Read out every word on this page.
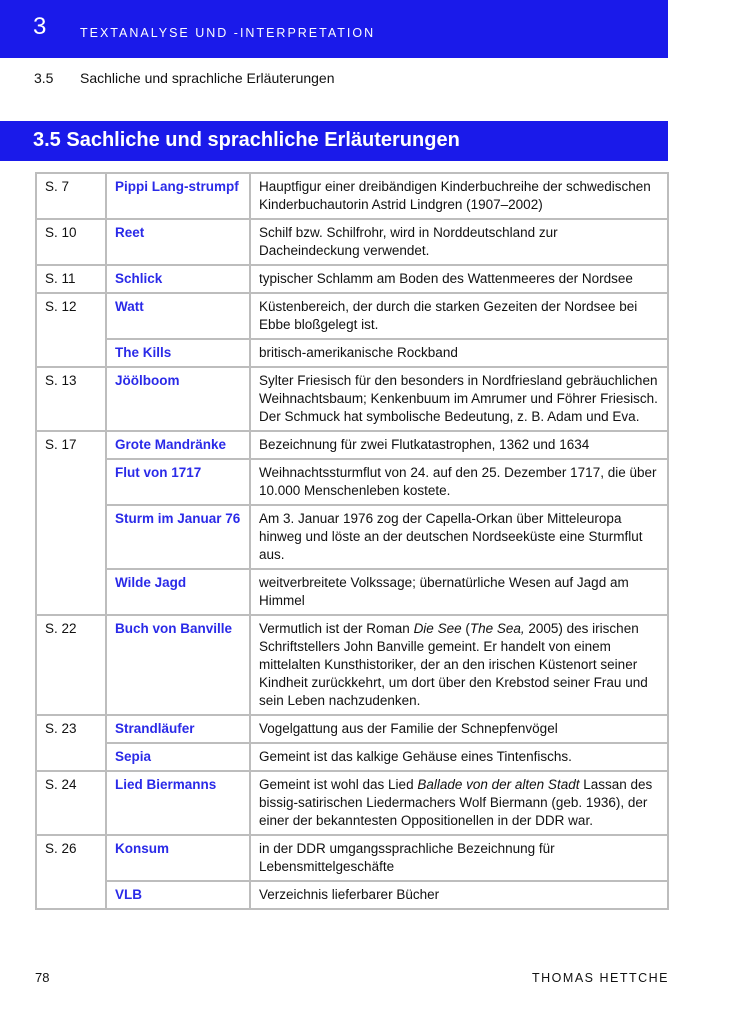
3	TEXTANALYSE UND -INTERPRETATION
3.5 Sachliche und sprachliche Erläuterungen
3.5 Sachliche und sprachliche Erläuterungen
S. 7	Pippi Lang-strumpf	Hauptfigur einer dreibändigen Kinderbuchreihe der schwedischen Kinderbuchautorin Astrid Lindgren (1907–2002)
S. 10	Reet	Schilf bzw. Schilfrohr, wird in Norddeutschland zur Dacheindeckung verwendet.
S. 11	Schlick	typischer Schlamm am Boden des Wattenmeeres der Nordsee
S. 12	Watt	Küstenbereich, der durch die starken Gezeiten der Nordsee bei Ebbe bloßgelegt ist.
	The Kills	britisch-amerikanische Rockband
S. 13	Jöölboom	Sylter Friesisch für den besonders in Nordfriesland gebräuchlichen Weihnachtsbaum; Kenkenbuum im Amrumer und Föhrer Friesisch. Der Schmuck hat symbolische Bedeutung, z. B. Adam und Eva.
S. 17	Grote Mandränke	Bezeichnung für zwei Flutkatastrophen, 1362 und 1634
	Flut von 1717	Weihnachtssturmflut von 24. auf den 25. Dezember 1717, die über 10.000 Menschenleben kostete.
	Sturm im Januar 76	Am 3. Januar 1976 zog der Capella-Orkan über Mitteleuropa hinweg und löste an der deutschen Nordseeküste eine Sturmflut aus.
	Wilde Jagd	weitverbreitete Volkssage; übernatürliche Wesen auf Jagd am Himmel
S. 22	Buch von Banville	Vermutlich ist der Roman Die See (The Sea, 2005) des irischen Schriftstellers John Banville gemeint. Er handelt von einem mittelalten Kunsthistoriker, der an den irischen Küstenort seiner Kindheit zurückkehrt, um dort über den Krebstod seiner Frau und sein Leben nachzudenken.
S. 23	Strandläufer	Vogelgattung aus der Familie der Schnepfenvögel
	Sepia	Gemeint ist das kalkige Gehäuse eines Tintenfischs.
S. 24	Lied Biermanns	Gemeint ist wohl das Lied Ballade von der alten Stadt Lassan des bissig-satirischen Liedermachers Wolf Biermann (geb. 1936), der einer der bekanntesten Oppositionellen in der DDR war.
S. 26	Konsum	in der DDR umgangssprachliche Bezeichnung für Lebensmittelgeschäfte
	VLB	Verzeichnis lieferbarer Bücher
78	THOMAS HETTCHE
